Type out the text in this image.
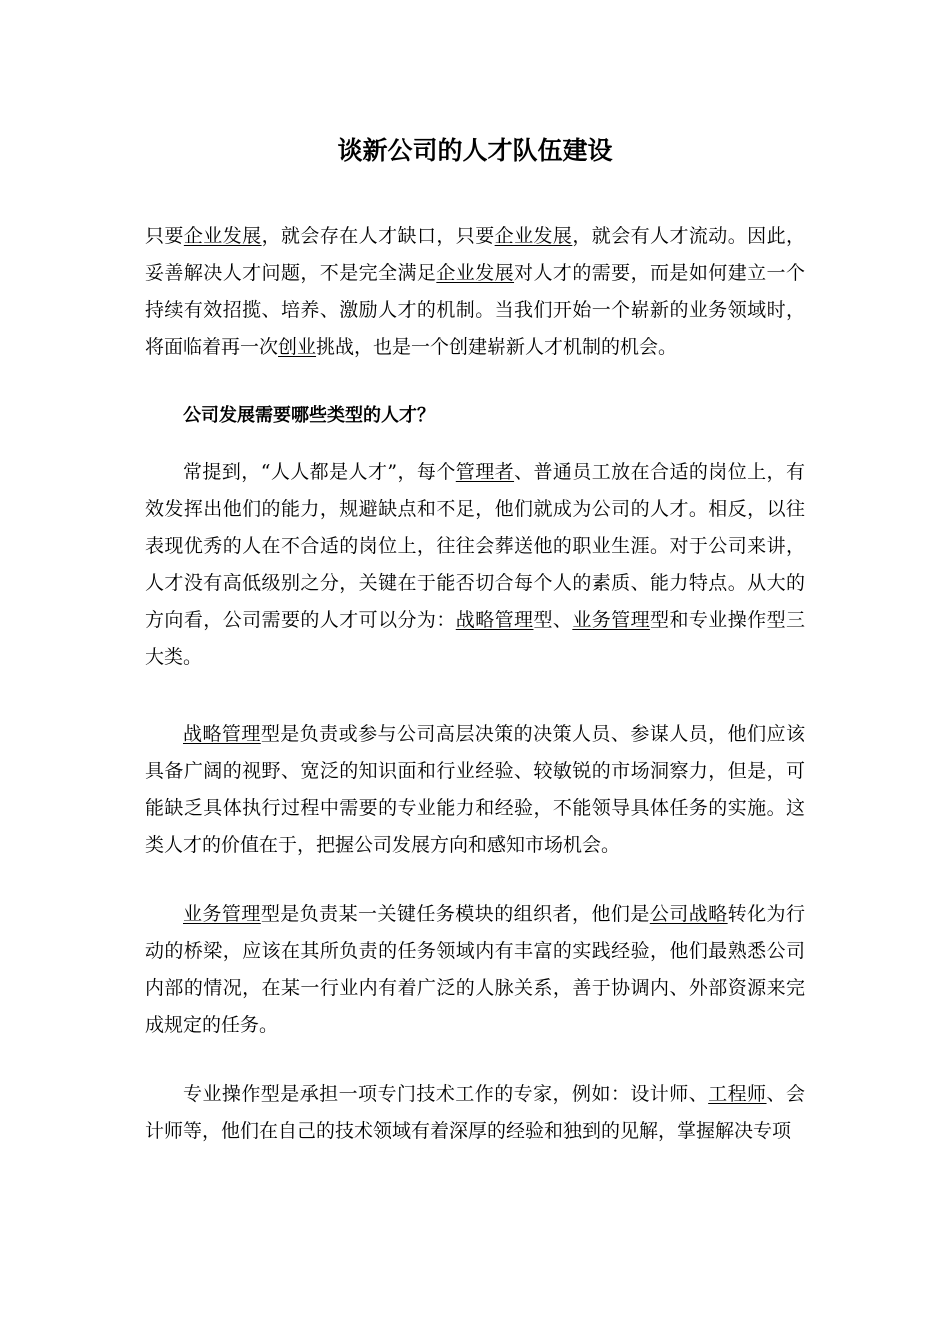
谈新公司的人才队伍建设

只要企业发展，就会存在人才缺口，只要企业发展，就会有人才流动。因此，妥善解决人才问题，不是完全满足企业发展对人才的需要，而是如何建立一个持续有效招揽、培养、激励人才的机制。当我们开始一个崭新的业务领域时，将面临着再一次创业挑战，也是一个创建崭新人才机制的机会。

公司发展需要哪些类型的人才？

常提到，“人人都是人才”，每个管理者、普通员工放在合适的岗位上，有效发挥出他们的能力，规避缺点和不足，他们就成为公司的人才。相反，以往表现优秀的人在不合适的岗位上，往往会葬送他的职业生涯。对于公司来讲，人才没有高低级别之分，关键在于能否切合每个人的素质、能力特点。从大的方向看，公司需要的人才可以分为：战略管理型、业务管理型和专业操作型三大类。

战略管理型是负责或参与公司高层决策的决策人员、参谋人员，他们应该具备广阔的视野、宽泛的知识面和行业经验、较敏锐的市场洞察力，但是，可能缺乏具体执行过程中需要的专业能力和经验，不能领导具体任务的实施。这类人才的价值在于，把握公司发展方向和感知市场机会。

业务管理型是负责某一关键任务模块的组织者，他们是公司战略转化为行动的桥梁，应该在其所负责的任务领域内有丰富的实践经验，他们最熟悉公司内部的情况，在某一行业内有着广泛的人脉关系，善于协调内、外部资源来完成规定的任务。

专业操作型是承担一项专门技术工作的专家，例如：设计师、工程师、会计师等，他们在自己的技术领域有着深厚的经验和独到的见解，掌握解决专项
